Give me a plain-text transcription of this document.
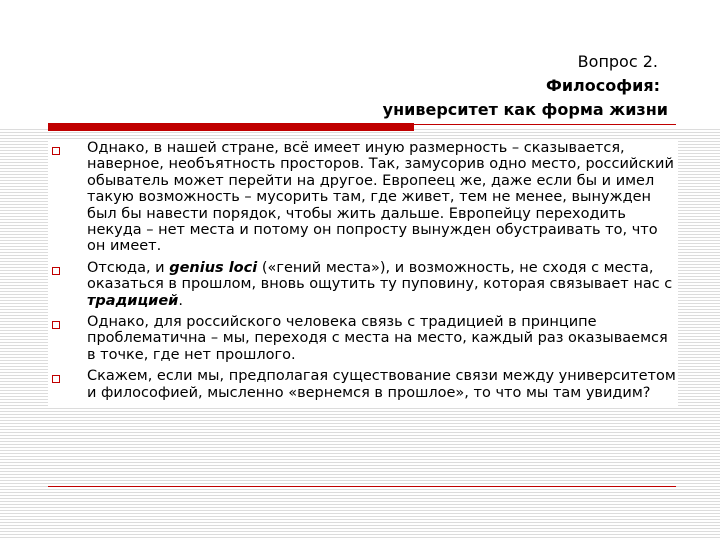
Вопрос 2.
Философия:
университет как форма жизни
Однако, в нашей стране, всё имеет иную размерность – сказывается, наверное, необъятность просторов. Так, замусорив одно место, российский обыватель может перейти на другое. Европеец же, даже если бы и имел такую возможность – мусорить там, где живет, тем не менее, вынужден был бы навести порядок, чтобы жить дальше. Европейцу переходить некуда – нет места и потому он попросту вынужден обустраивать то, что он имеет.
Отсюда, и genius loci («гений места»), и возможность, не сходя с места, оказаться в прошлом, вновь ощутить ту пуповину, которая связывает нас с традицией.
Однако, для российского человека связь с традицией в принципе проблематична – мы, переходя с места на место, каждый раз оказываемся в точке, где нет прошлого.
Скажем, если мы, предполагая существование связи между университетом и философией, мысленно «вернемся в прошлое», то что мы там увидим?
